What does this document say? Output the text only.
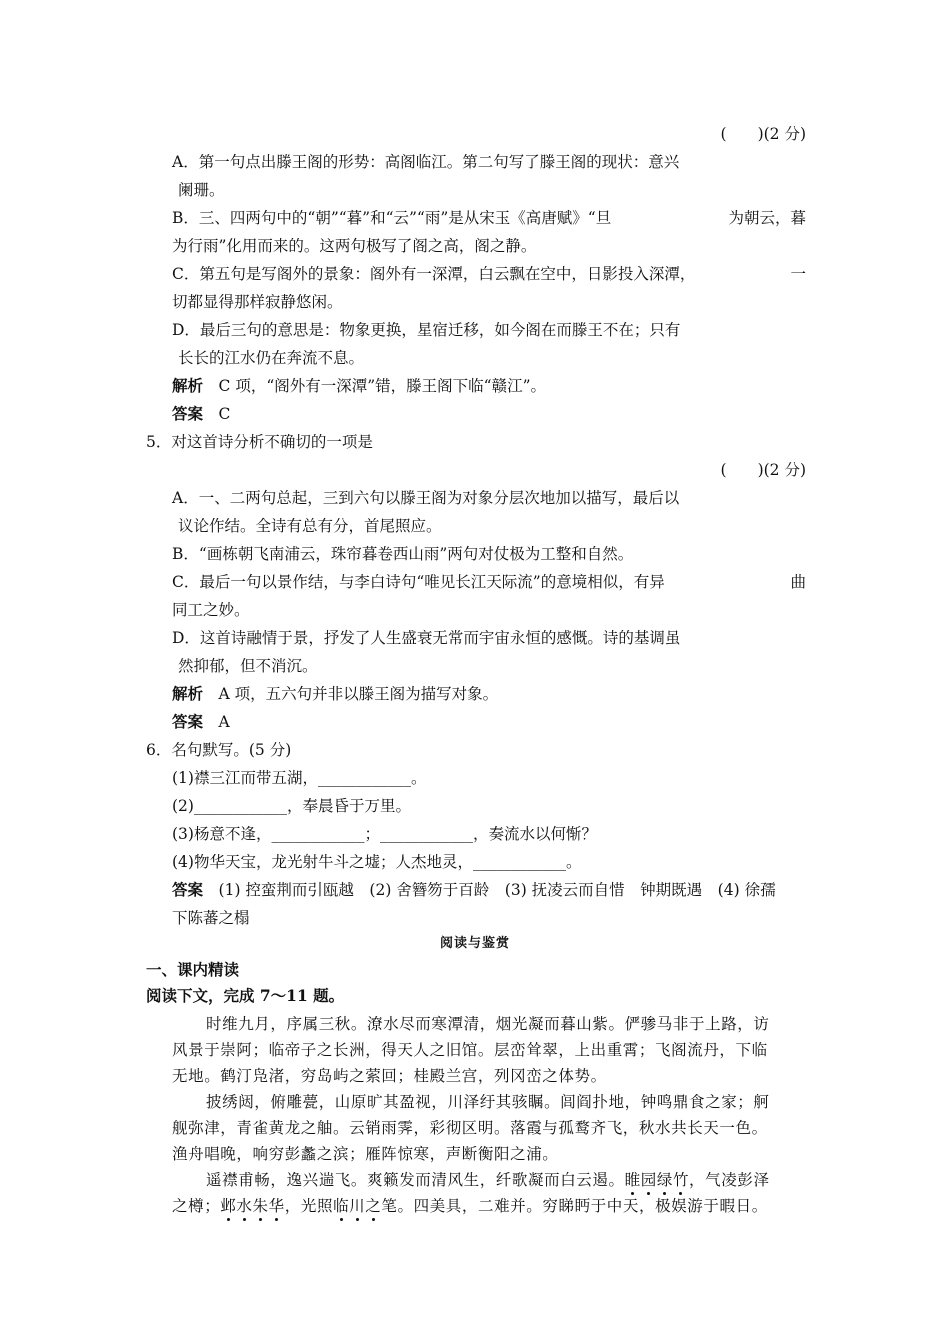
(　　)(2 分)
A．第一句点出滕王阁的形势：高阁临江。第二句写了滕王阁的现状：意兴
阑珊。
B．三、四两句中的“朝”“暮”和“云”“雨”是从宋玉《高唐赋》“旦	为朝云，暮
为行雨”化用而来的。这两句极写了阁之高，阁之静。
C．第五句是写阁外的景象：阁外有一深潭，白云飘在空中，日影投入深潭，	一
切都显得那样寂静悠闲。
D．最后三句的意思是：物象更换，星宿迁移，如今阁在而滕王不在；只有
长长的江水仍在奔流不息。
解析　 C 项，“阁外有一深潭”错，滕王阁下临“赣江”。
答案　 C
5．对这首诗分析不确切的一项是
(　　)(2 分)
A．一、二两句总起，三到六句以滕王阁为对象分层次地加以描写，最后以
议论作结。全诗有总有分，首尾照应。
B．“画栋朝飞南浦云，珠帘暮卷西山雨”两句对仗极为工整和自然。
C．最后一句以景作结，与李白诗句“唯见长江天际流”的意境相似，有异	曲
同工之妙。
D．这首诗融情于景，抒发了人生盛衰无常而宇宙永恒的感慨。诗的基调虽
然抑郁，但不消沉。
解析　 A 项，五六句并非以滕王阁为描写对象。
答案　 A
6．名句默写。(5 分)
(1)襟三江而带五湖，____________。
(2)____________，奉晨昏于万里。
(3)杨意不逢，____________；____________，奏流水以何惭？
(4)物华天宝，龙光射牛斗之墟；人杰地灵，____________。
答案　 (1) 控蛮荆而引瓯越　(2) 舍簪笏于百龄　(3) 抚凌云而自惜　钟期既遇　(4) 徐孺
下陈蕃之榻
阅读与鉴赏
一、课内精读
阅读下文，完成 7～11 题。
时维九月，序属三秋。潦水尽而寒潭清，烟光凝而暮山紫。俨骖马非于上路，访
风景于崇阿；临帝子之长洲，得天人之旧馆。层峦耸翠，上出重霄；飞阁流丹，下临
无地。鹤汀凫渚，穷岛屿之萦回；桂殿兰宫，列冈峦之体势。
披绣闼，俯雕甍，山原旷其盈视，川泽纡其骇瞩。闾阎扑地，钟鸣鼎食之家；舸
舰弥津，青雀黄龙之舳。云销雨霁，彩彻区明。落霞与孤鹜齐飞，秋水共长天一色。
渔舟唱晚，响穷彭蠡之滨；雁阵惊寒，声断衡阳之浦。
遥襟甫畅，逸兴遄飞。爽籁发而清风生，纤歌凝而白云遏。睢园绿竹，气凌彭泽
之樽；邺水朱华，光照临川之笔。四美具，二难并。穷睇眄于中天，极娱游于暇日。
